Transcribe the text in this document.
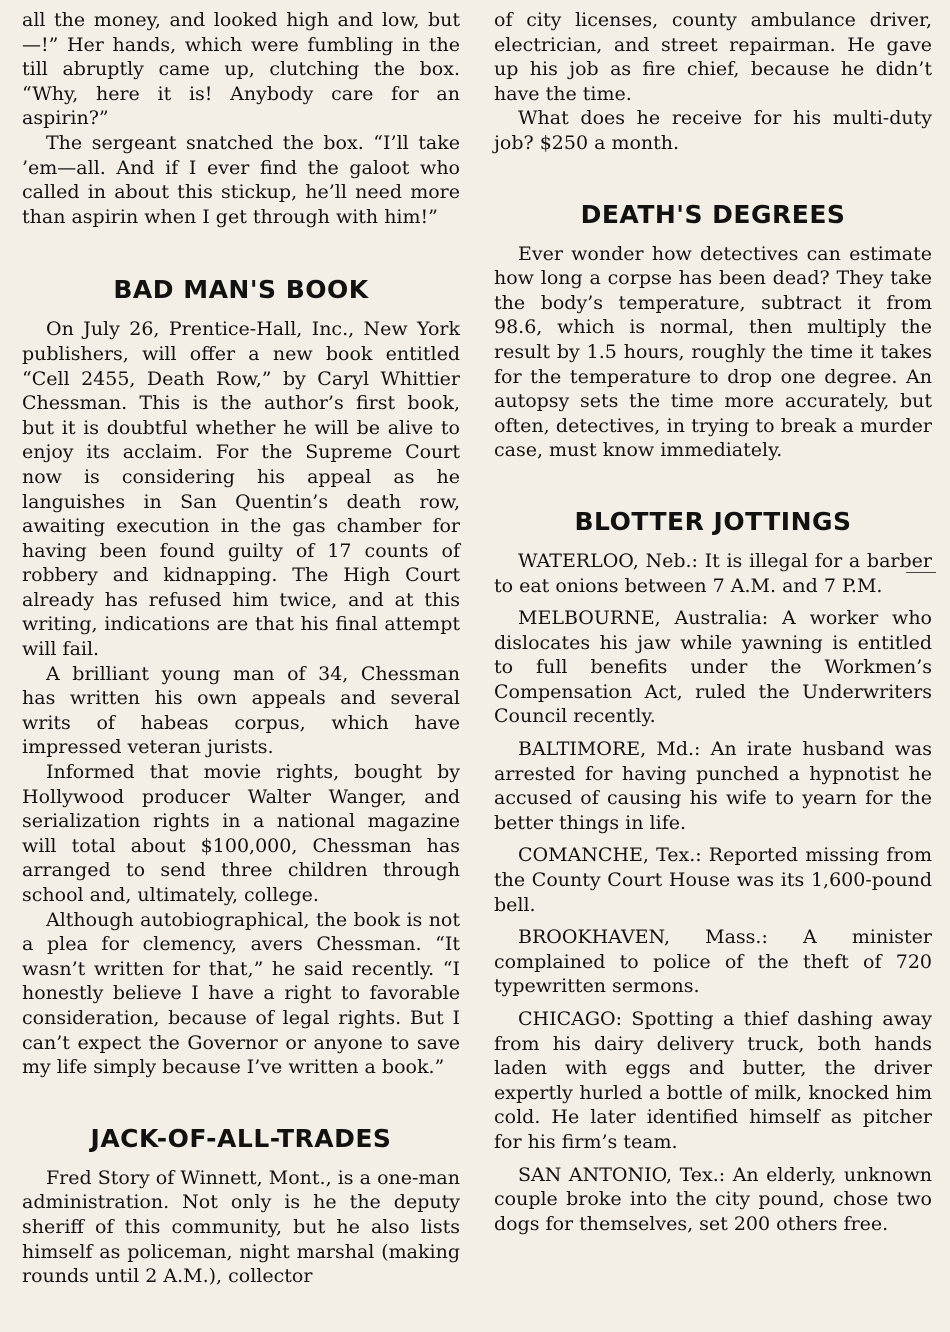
all the money, and looked high and low, but—!” Her hands, which were fumbling in the till abruptly came up, clutching the box. “Why, here it is! Anybody care for an aspirin?”

The sergeant snatched the box. “I’ll take ’em—all. And if I ever find the galoot who called in about this stickup, he’ll need more than aspirin when I get through with him!”

BAD MAN'S BOOK

On July 26, Prentice-Hall, Inc., New York publishers, will offer a new book entitled “Cell 2455, Death Row,” by Caryl Whittier Chessman. This is the author’s first book, but it is doubtful whether he will be alive to enjoy its acclaim. For the Supreme Court now is considering his appeal as he languishes in San Quentin’s death row, awaiting execution in the gas chamber for having been found guilty of 17 counts of robbery and kidnapping. The High Court already has refused him twice, and at this writing, indications are that his final attempt will fail.

A brilliant young man of 34, Chessman has written his own appeals and several writs of habeas corpus, which have impressed veteran jurists.

Informed that movie rights, bought by Hollywood producer Walter Wanger, and serialization rights in a national magazine will total about $100,000, Chessman has arranged to send three children through school and, ultimately, college.

Although autobiographical, the book is not a plea for clemency, avers Chessman. “It wasn’t written for that,” he said recently. “I honestly believe I have a right to favorable consideration, because of legal rights. But I can’t expect the Governor or anyone to save my life simply because I’ve written a book.”

JACK-OF-ALL-TRADES

Fred Story of Winnett, Mont., is a one-man administration. Not only is he the deputy sheriff of this community, but he also lists himself as policeman, night marshal (making rounds until 2 A.M.), collector

of city licenses, county ambulance driver, electrician, and street repairman. He gave up his job as fire chief, because he didn’t have the time.

What does he receive for his multi-duty job? $250 a month.

DEATH'S DEGREES

Ever wonder how detectives can estimate how long a corpse has been dead? They take the body’s temperature, subtract it from 98.6, which is normal, then multiply the result by 1.5 hours, roughly the time it takes for the temperature to drop one degree. An autopsy sets the time more accurately, but often, detectives, in trying to break a murder case, must know immediately.

BLOTTER JOTTINGS

WATERLOO, Neb.: It is illegal for a barber to eat onions between 7 A.M. and 7 P.M.

MELBOURNE, Australia: A worker who dislocates his jaw while yawning is entitled to full benefits under the Workmen’s Compensation Act, ruled the Underwriters Council recently.

BALTIMORE, Md.: An irate husband was arrested for having punched a hypnotist he accused of causing his wife to yearn for the better things in life.

COMANCHE, Tex.: Reported missing from the County Court House was its 1,600-pound bell.

BROOKHAVEN, Mass.: A minister complained to police of the theft of 720 typewritten sermons.

CHICAGO: Spotting a thief dashing away from his dairy delivery truck, both hands laden with eggs and butter, the driver expertly hurled a bottle of milk, knocked him cold. He later identified himself as pitcher for his firm’s team.

SAN ANTONIO, Tex.: An elderly, unknown couple broke into the city pound, chose two dogs for themselves, set 200 others free.
